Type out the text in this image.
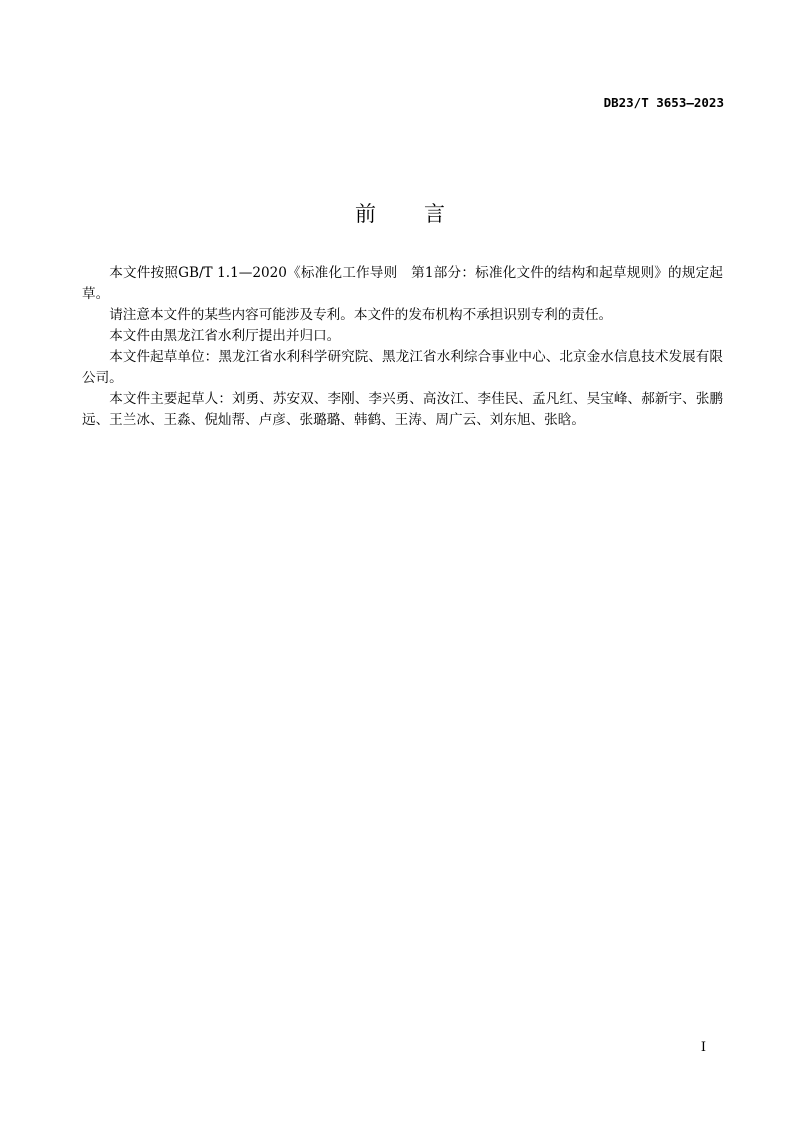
DB23/T 3653—2023
前 言

本文件按照GB/T 1.1—2020《标准化工作导则　第1部分：标准化文件的结构和起草规则》的规定起草。

请注意本文件的某些内容可能涉及专利。本文件的发布机构不承担识别专利的责任。

本文件由黑龙江省水利厅提出并归口。

本文件起草单位：黑龙江省水利科学研究院、黑龙江省水利综合事业中心、北京金水信息技术发展有限公司。

本文件主要起草人：刘勇、苏安双、李刚、李兴勇、高汝江、李佳民、孟凡红、吴宝峰、郝新宇、张鹏远、王兰冰、王淼、倪灿帮、卢彦、张璐璐、韩鹤、王涛、周广云、刘东旭、张晗。

I
